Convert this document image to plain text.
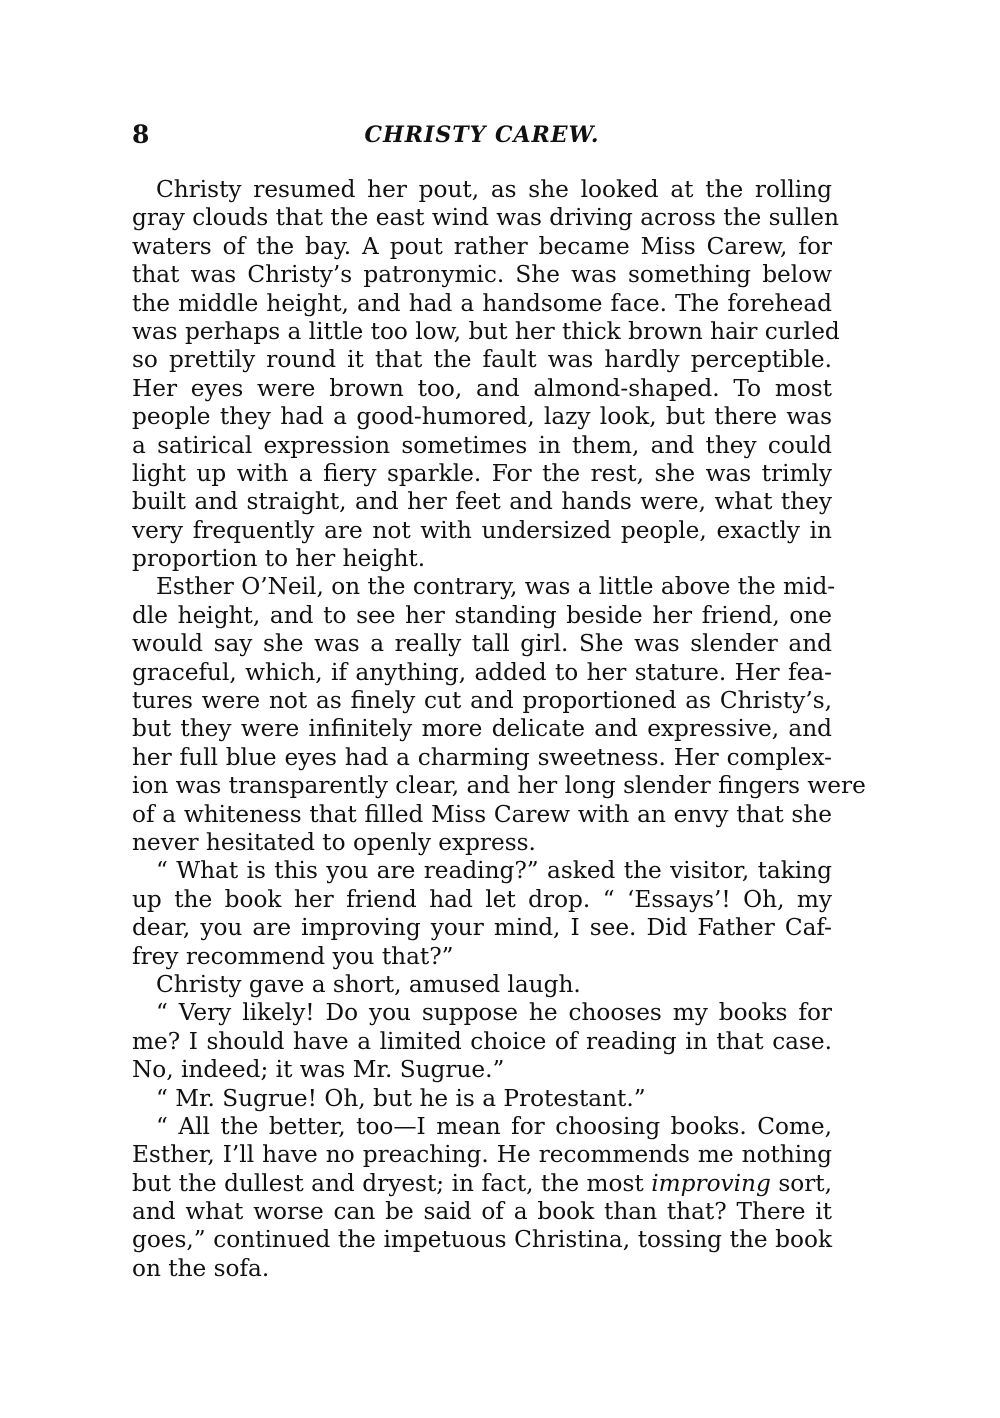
8	CHRISTY CAREW.
Christy resumed her pout, as she looked at the rolling
gray clouds that the east wind was driving across the sullen
waters of the bay. A pout rather became Miss Carew, for
that was Christy’s patronymic. She was something below
the middle height, and had a handsome face. The forehead
was perhaps a little too low, but her thick brown hair curled
so prettily round it that the fault was hardly perceptible.
Her eyes were brown too, and almond-shaped. To most
people they had a good-humored, lazy look, but there was
a satirical expression sometimes in them, and they could
light up with a fiery sparkle. For the rest, she was trimly
built and straight, and her feet and hands were, what they
very frequently are not with undersized people, exactly in
proportion to her height.
Esther O’Neil, on the contrary, was a little above the mid-
dle height, and to see her standing beside her friend, one
would say she was a really tall girl. She was slender and
graceful, which, if anything, added to her stature. Her fea-
tures were not as finely cut and proportioned as Christy’s,
but they were infinitely more delicate and expressive, and
her full blue eyes had a charming sweetness. Her complex-
ion was transparently clear, and her long slender fingers were
of a whiteness that filled Miss Carew with an envy that she
never hesitated to openly express.
“ What is this you are reading?” asked the visitor, taking
up the book her friend had let drop. “ ‘Essays’! Oh, my
dear, you are improving your mind, I see. Did Father Caf-
frey recommend you that?”
Christy gave a short, amused laugh.
“ Very likely! Do you suppose he chooses my books for
me? I should have a limited choice of reading in that case.
No, indeed; it was Mr. Sugrue.”
“ Mr. Sugrue! Oh, but he is a Protestant.”
“ All the better, too—I mean for choosing books. Come,
Esther, I’ll have no preaching. He recommends me nothing
but the dullest and dryest; in fact, the most improving sort,
and what worse can be said of a book than that? There it
goes,” continued the impetuous Christina, tossing the book
on the sofa.
